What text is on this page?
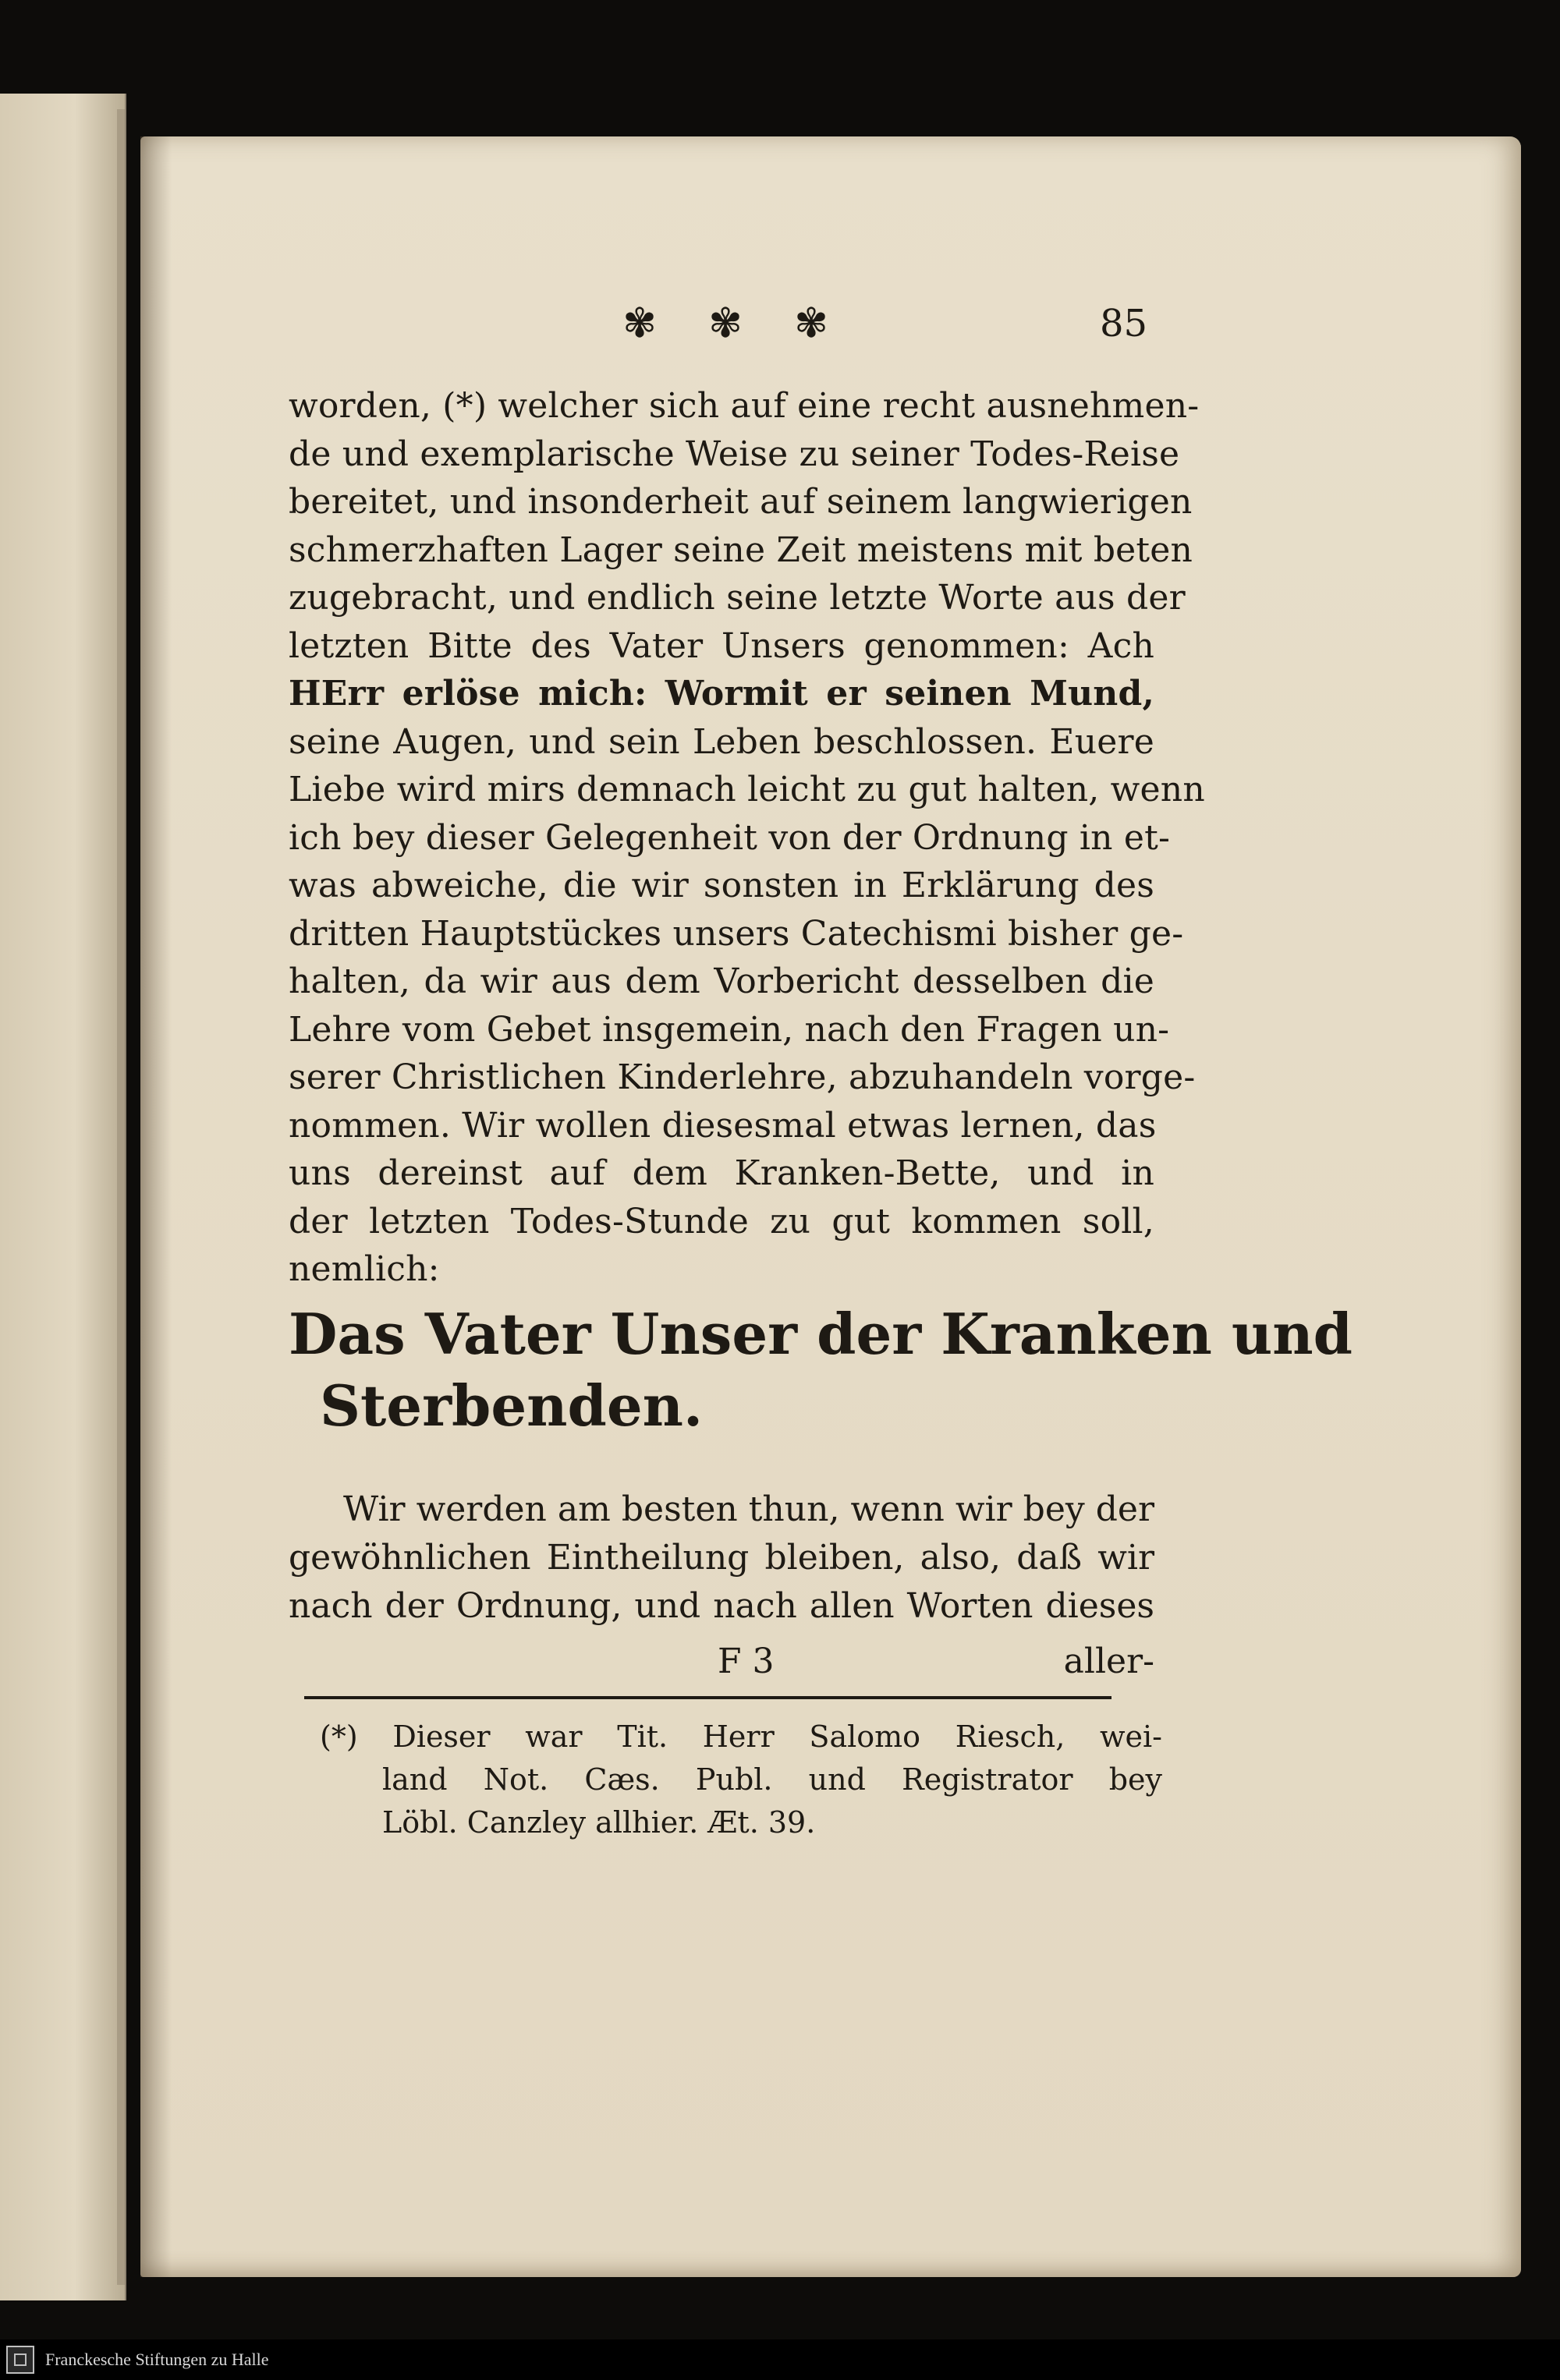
✾ ✾ ✾	85
worden, (*) welcher sich auf eine recht ausnehmen-
de und exemplarische Weise zu seiner Todes-Reise
bereitet, und insonderheit auf seinem langwierigen
schmerzhaften Lager seine Zeit meistens mit beten
zugebracht, und endlich seine letzte Worte aus der
letzten Bitte des Vater Unsers genommen: Ach
HErr erlöse mich: Wormit er seinen Mund,
seine Augen, und sein Leben beschlossen. Euere
Liebe wird mirs demnach leicht zu gut halten, wenn
ich bey dieser Gelegenheit von der Ordnung in et-
was abweiche, die wir sonsten in Erklärung des
dritten Hauptstückes unsers Catechismi bisher ge-
halten, da wir aus dem Vorbericht desselben die
Lehre vom Gebet insgemein, nach den Fragen un-
serer Christlichen Kinderlehre, abzuhandeln vorge-
nommen. Wir wollen diesesmal etwas lernen, das
uns dereinst auf dem Kranken-Bette, und in
der letzten Todes-Stunde zu gut kommen soll,
nemlich:
Das Vater Unser der Kranken und
Sterbenden.
Wir werden am besten thun, wenn wir bey der
gewöhnlichen Eintheilung bleiben, also, daß wir
nach der Ordnung, und nach allen Worten dieses
F 3	aller-
(*) Dieser war Tit. Herr Salomo Riesch, wei-
land Not. Cæs. Publ. und Registrator bey
Löbl. Canzley allhier. Æt. 39.
Franckesche Stiftungen zu Halle
